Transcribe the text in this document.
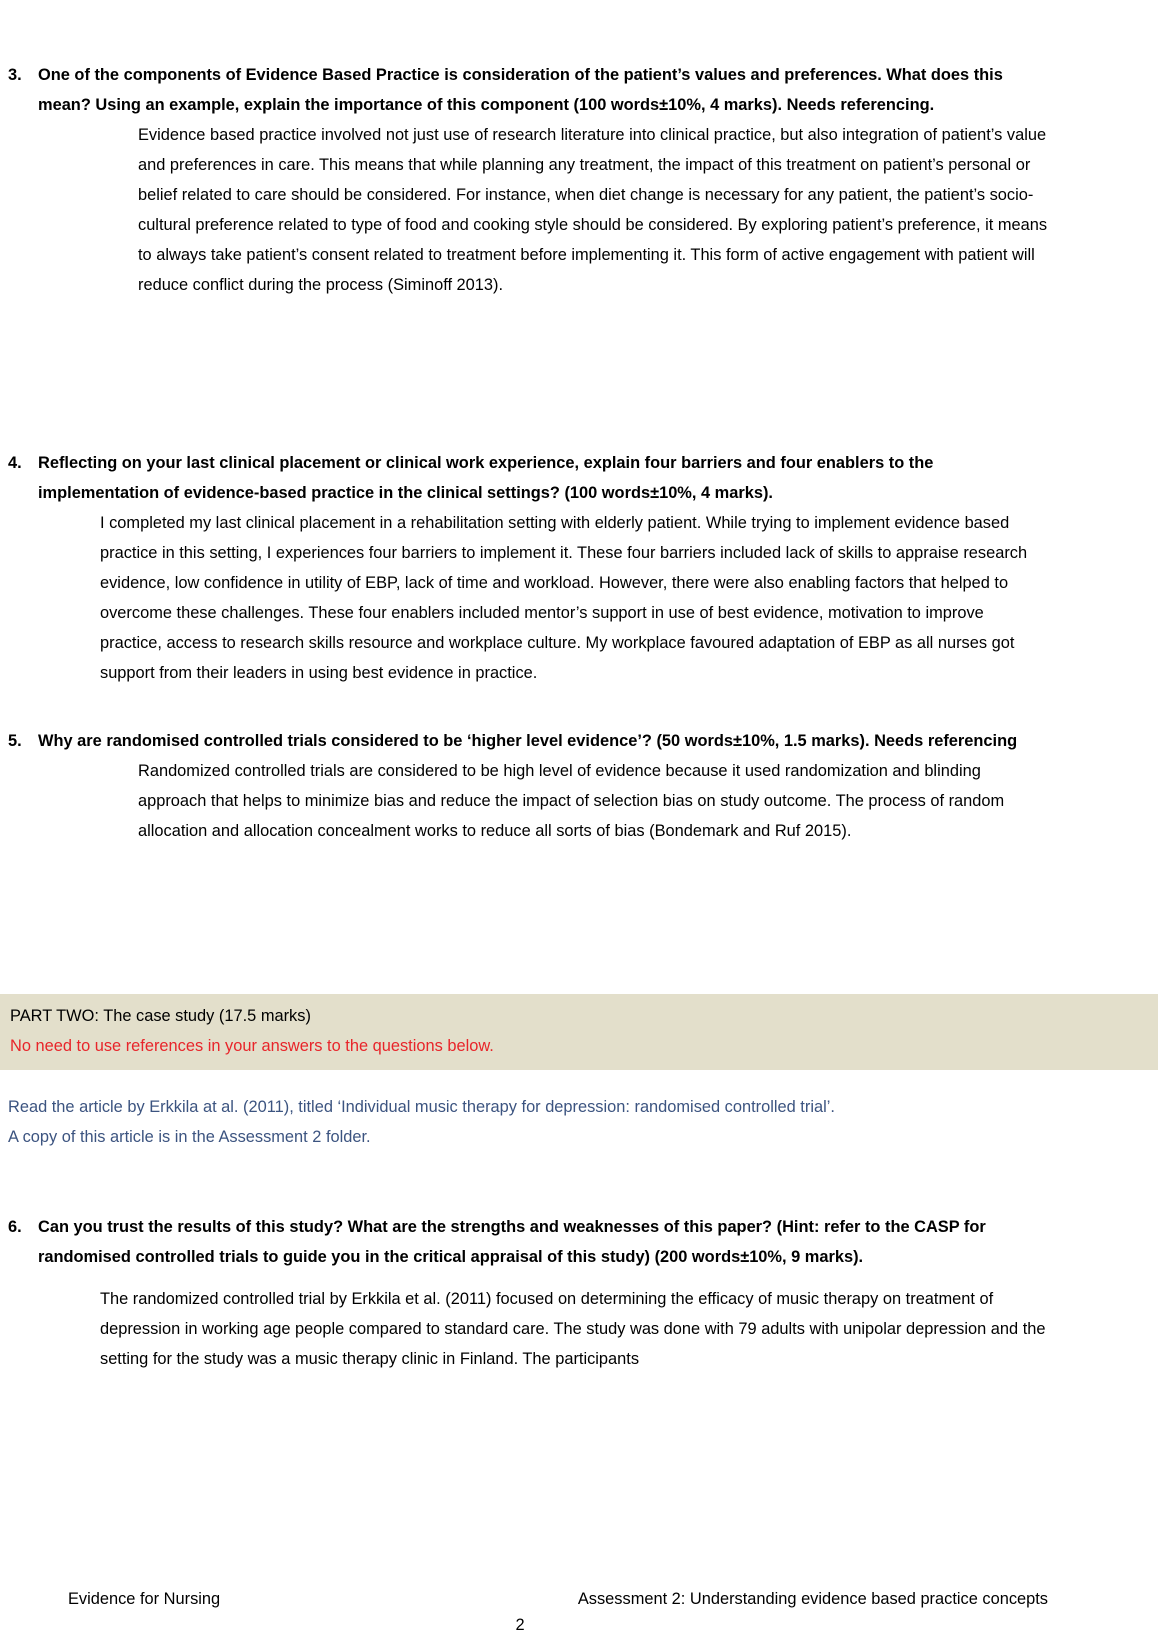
3. One of the components of Evidence Based Practice is consideration of the patient’s values and preferences. What does this mean? Using an example, explain the importance of this component (100 words±10%, 4 marks). Needs referencing.
Evidence based practice involved not just use of research literature into clinical practice, but also integration of patient’s value and preferences in care. This means that while planning any treatment, the impact of this treatment on patient’s personal or belief related to care should be considered. For instance, when diet change is necessary for any patient, the patient’s socio-cultural preference related to type of food and cooking style should be considered. By exploring patient’s preference, it means to always take patient’s consent related to treatment before implementing it. This form of active engagement with patient will reduce conflict during the process (Siminoff 2013).
4. Reflecting on your last clinical placement or clinical work experience, explain four barriers and four enablers to the implementation of evidence-based practice in the clinical settings? (100 words±10%, 4 marks).
I completed my last clinical placement in a rehabilitation setting with elderly patient. While trying to implement evidence based practice in this setting, I experiences four barriers to implement it. These four barriers included lack of skills to appraise research evidence, low confidence in utility of EBP, lack of time and workload. However, there were also enabling factors that helped to overcome these challenges. These four enablers included mentor’s support in use of best evidence, motivation to improve practice, access to research skills resource and workplace culture. My workplace favoured adaptation of EBP as all nurses got support from their leaders in using best evidence in practice.
5. Why are randomised controlled trials considered to be ‘higher level evidence’? (50 words±10%, 1.5 marks). Needs referencing
Randomized controlled trials are considered to be high level of evidence because it used randomization and blinding approach that helps to minimize bias and reduce the impact of selection bias on study outcome. The process of random allocation and allocation concealment works to reduce all sorts of bias (Bondemark and Ruf 2015).
PART TWO: The case study (17.5 marks)
No need to use references in your answers to the questions below.
Read the article by Erkkila at al. (2011), titled ‘Individual music therapy for depression: randomised controlled trial’.
A copy of this article is in the Assessment 2 folder.
6. Can you trust the results of this study? What are the strengths and weaknesses of this paper? (Hint: refer to the CASP for randomised controlled trials to guide you in the critical appraisal of this study) (200 words±10%, 9 marks).
The randomized controlled trial by Erkkila et al. (2011) focused on determining the efficacy of music therapy on treatment of depression in working age people compared to standard care. The study was done with 79 adults with unipolar depression and the setting for the study was a music therapy clinic in Finland. The participants
Evidence for Nursing	Assessment 2: Understanding evidence based practice concepts
2
